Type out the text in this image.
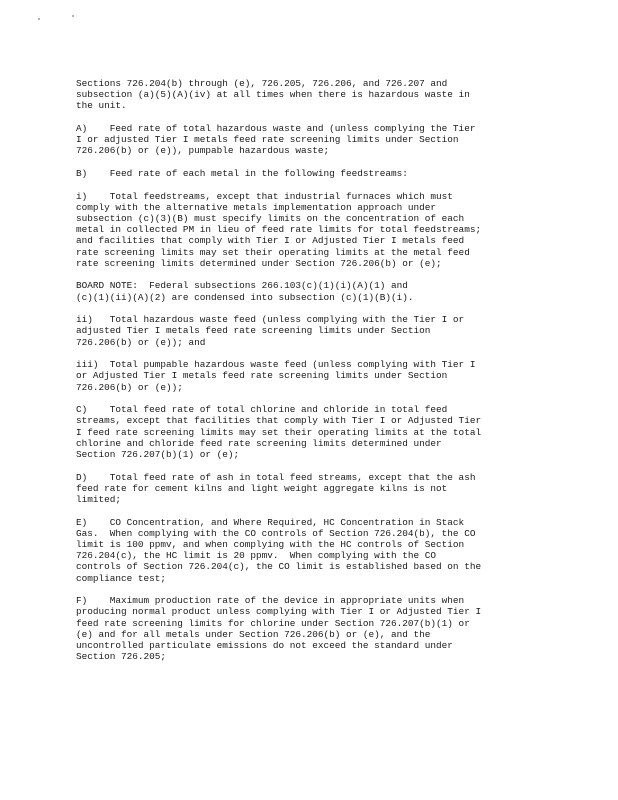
Sections 726.204(b) through (e), 726.205, 726.206, and 726.207 and
subsection (a)(5)(A)(iv) at all times when there is hazardous waste in
the unit.

A)    Feed rate of total hazardous waste and (unless complying the Tier
I or adjusted Tier I metals feed rate screening limits under Section
726.206(b) or (e)), pumpable hazardous waste;

B)    Feed rate of each metal in the following feedstreams:

i)    Total feedstreams, except that industrial furnaces which must
comply with the alternative metals implementation approach under
subsection (c)(3)(B) must specify limits on the concentration of each
metal in collected PM in lieu of feed rate limits for total feedstreams;
and facilities that comply with Tier I or Adjusted Tier I metals feed
rate screening limits may set their operating limits at the metal feed
rate screening limits determined under Section 726.206(b) or (e);

BOARD NOTE:  Federal subsections 266.103(c)(1)(i)(A)(1) and
(c)(1)(ii)(A)(2) are condensed into subsection (c)(1)(B)(i).

ii)   Total hazardous waste feed (unless complying with the Tier I or
adjusted Tier I metals feed rate screening limits under Section
726.206(b) or (e)); and

iii)  Total pumpable hazardous waste feed (unless complying with Tier I
or Adjusted Tier I metals feed rate screening limits under Section
726.206(b) or (e));

C)    Total feed rate of total chlorine and chloride in total feed
streams, except that facilities that comply with Tier I or Adjusted Tier
I feed rate screening limits may set their operating limits at the total
chlorine and chloride feed rate screening limits determined under
Section 726.207(b)(1) or (e);

D)    Total feed rate of ash in total feed streams, except that the ash
feed rate for cement kilns and light weight aggregate kilns is not
limited;

E)    CO Concentration, and Where Required, HC Concentration in Stack
Gas.  When complying with the CO controls of Section 726.204(b), the CO
limit is 100 ppmv, and when complying with the HC controls of Section
726.204(c), the HC limit is 20 ppmv.  When complying with the CO
controls of Section 726.204(c), the CO limit is established based on the
compliance test;

F)    Maximum production rate of the device in appropriate units when
producing normal product unless complying with Tier I or Adjusted Tier I
feed rate screening limits for chlorine under Section 726.207(b)(1) or
(e) and for all metals under Section 726.206(b) or (e), and the
uncontrolled particulate emissions do not exceed the standard under
Section 726.205;
